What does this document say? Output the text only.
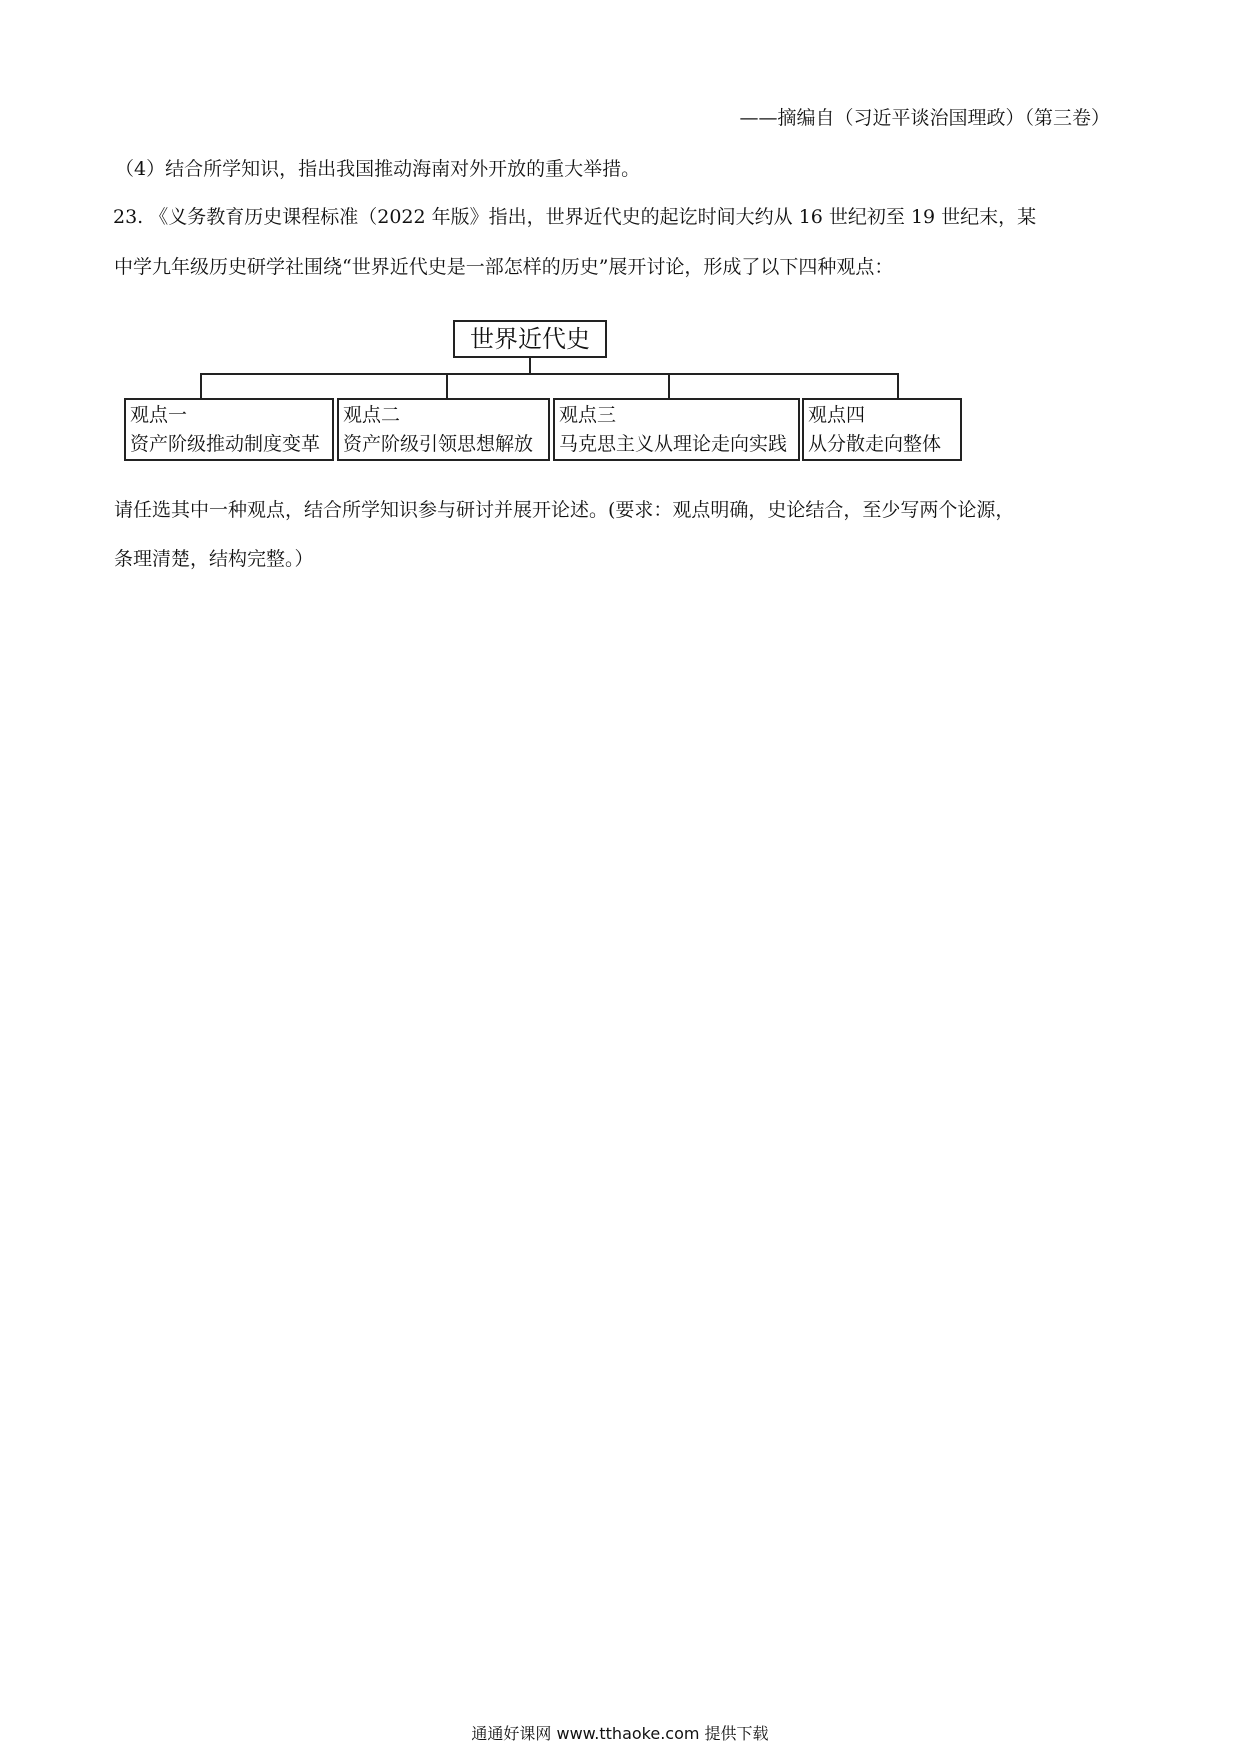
——摘编自（习近平谈治国理政）（第三卷）
（4）结合所学知识，指出我国推动海南对外开放的重大举措。
23. 《义务教育历史课程标准（2022 年版》指出，世界近代史的起讫时间大约从 16 世纪初至 19 世纪末，某
中学九年级历史研学社围绕“世界近代史是一部怎样的历史”展开讨论，形成了以下四种观点：
世界近代史
观点一
资产阶级推动制度变革
观点二
资产阶级引领思想解放
观点三
马克思主义从理论走向实践
观点四
从分散走向整体
请任选其中一种观点，结合所学知识参与研讨并展开论述。(要求：观点明确，史论结合，至少写两个论源，
条理清楚，结构完整。）
通通好课网 www.tthaoke.com 提供下载
